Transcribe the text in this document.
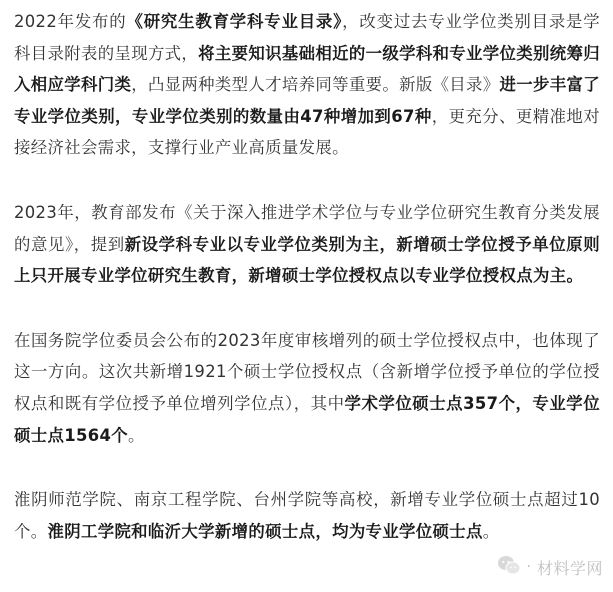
2022年发布的《研究生教育学科专业目录》，改变过去专业学位类别目录是学科目录附表的呈现方式，将主要知识基础相近的一级学科和专业学位类别统筹归入相应学科门类，凸显两种类型人才培养同等重要。新版《目录》进一步丰富了专业学位类别，专业学位类别的数量由47种增加到67种，更充分、更精准地对接经济社会需求，支撑行业产业高质量发展。

2023年，教育部发布《关于深入推进学术学位与专业学位研究生教育分类发展的意见》，提到新设学科专业以专业学位类别为主，新增硕士学位授予单位原则上只开展专业学位研究生教育，新增硕士学位授权点以专业学位授权点为主。

在国务院学位委员会公布的2023年度审核增列的硕士学位授权点中，也体现了这一方向。这次共新增1921个硕士学位授权点（含新增学位授予单位的学位授权点和既有学位授予单位增列学位点），其中学术学位硕士点357个，专业学位硕士点1564个。

淮阴师范学院、南京工程学院、台州学院等高校，新增专业学位硕士点超过10个。淮阴工学院和临沂大学新增的硕士点，均为专业学位硕士点。

· 材料学网
